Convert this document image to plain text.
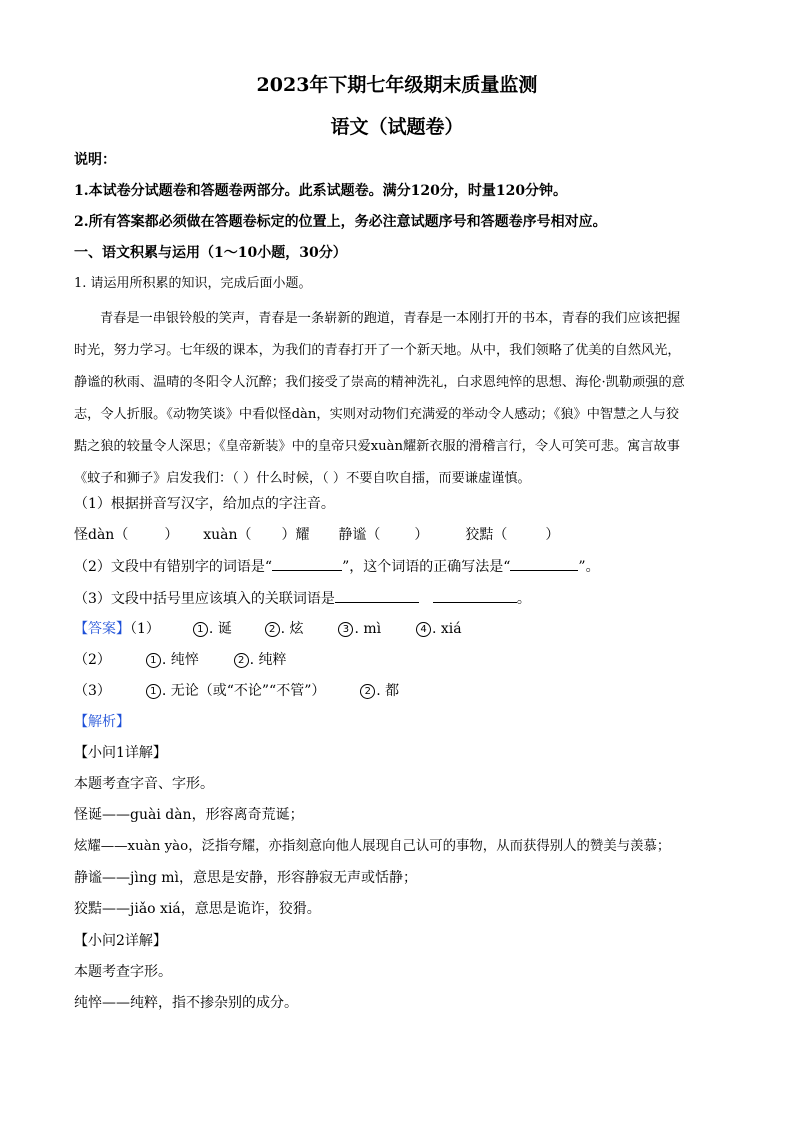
2023年下期七年级期末质量监测
语文（试题卷）
说明：
1.本试卷分试题卷和答题卷两部分。此系试题卷。满分120分，时量120分钟。
2.所有答案都必须做在答题卷标定的位置上，务必注意试题序号和答题卷序号相对应。
一、语文积累与运用（1～10小题，30分）
1. 请运用所积累的知识，完成后面小题。
青春是一串银铃般的笑声，青春是一条崭新的跑道，青春是一本刚打开的书本，青春的我们应该把握
时光，努力学习。七年级的课本，为我们的青春打开了一个新天地。从中，我们领略了优美的自然风光，
静谧的秋雨、温晴的冬阳令人沉醉；我们接受了崇高的精神洗礼，白求恩纯悴的思想、海伦·凯勒顽强的意
志，令人折服。《动物笑谈》中看似怪dàn，实则对动物们充满爱的举动令人感动；《狼》中智慧之人与狡
黠之狼的较量令人深思；《皇帝新装》中的皇帝只爱xuàn耀新衣服的滑稽言行，令人可笑可悲。寓言故事
《蚊子和狮子》启发我们：（ ）什么时候，（ ）不要自吹自擂，而要谦虚谨慎。
（1）根据拼音写汉字，给加点的字注音。
怪dàn（	） xuàn（ ）耀 静谧（ ）	狡黠（	）
（2）文段中有错别字的词语是“	”，这个词语的正确写法是“	”。
（3）文段中括号里应该填入的关联词语是	。
【答案】（1）	1 . 诞	2 . 炫	3 . mì	4 . xiá
（2）	1 . 纯悴	2 . 纯粹
（3）	1 . 无论（或“不论”“不管”）	2 . 都
【解析】
【小问1详解】
本题考查字音、字形。
怪诞——guài dàn，形容离奇荒诞；
炫耀——xuàn yào，泛指夸耀，亦指刻意向他人展现自己认可的事物，从而获得别人的赞美与羡慕；
静谧——jìng mì，意思是安静，形容静寂无声或恬静；
狡黠——jiǎo xiá，意思是诡诈，狡猾。
【小问2详解】
本题考查字形。
纯悴——纯粹，指不掺杂别的成分。
